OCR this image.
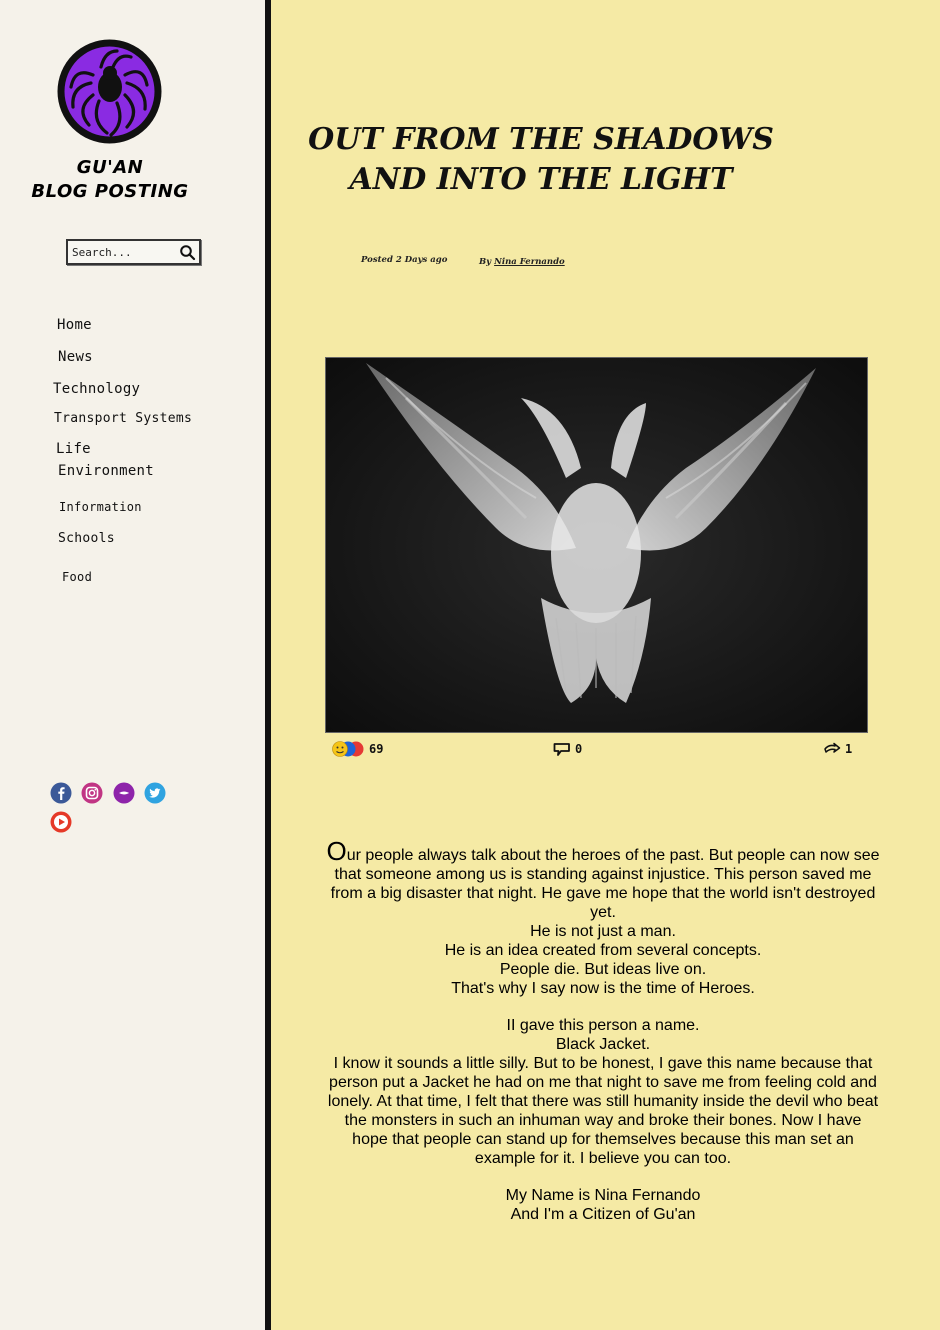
GU'AN
BLOG POSTING
Search...
Home
News
Technology
Transport Systems
Life
Environment
Information
Schools
Food
OUT FROM THE SHADOWS
AND INTO THE LIGHT
Posted 2 Days ago	By Nina Fernando
69	0	1

Our people always talk about the heroes of the past. But people can now see that someone among us is standing against injustice. This person saved me from a big disaster that night. He gave me hope that the world isn't destroyed yet.

He is not just a man.

He is an idea created from several concepts.

People die. But ideas live on.

That's why I say now is the time of Heroes.

II gave this person a name.

Black Jacket.

I know it sounds a little silly. But to be honest, I gave this name because that person put a Jacket he had on me that night to save me from feeling cold and lonely. At that time, I felt that there was still humanity inside the devil who beat the monsters in such an inhuman way and broke their bones. Now I have hope that people can stand up for themselves because this man set an example for it. I believe you can too.

My Name is Nina Fernando

And I'm a Citizen of Gu'an
